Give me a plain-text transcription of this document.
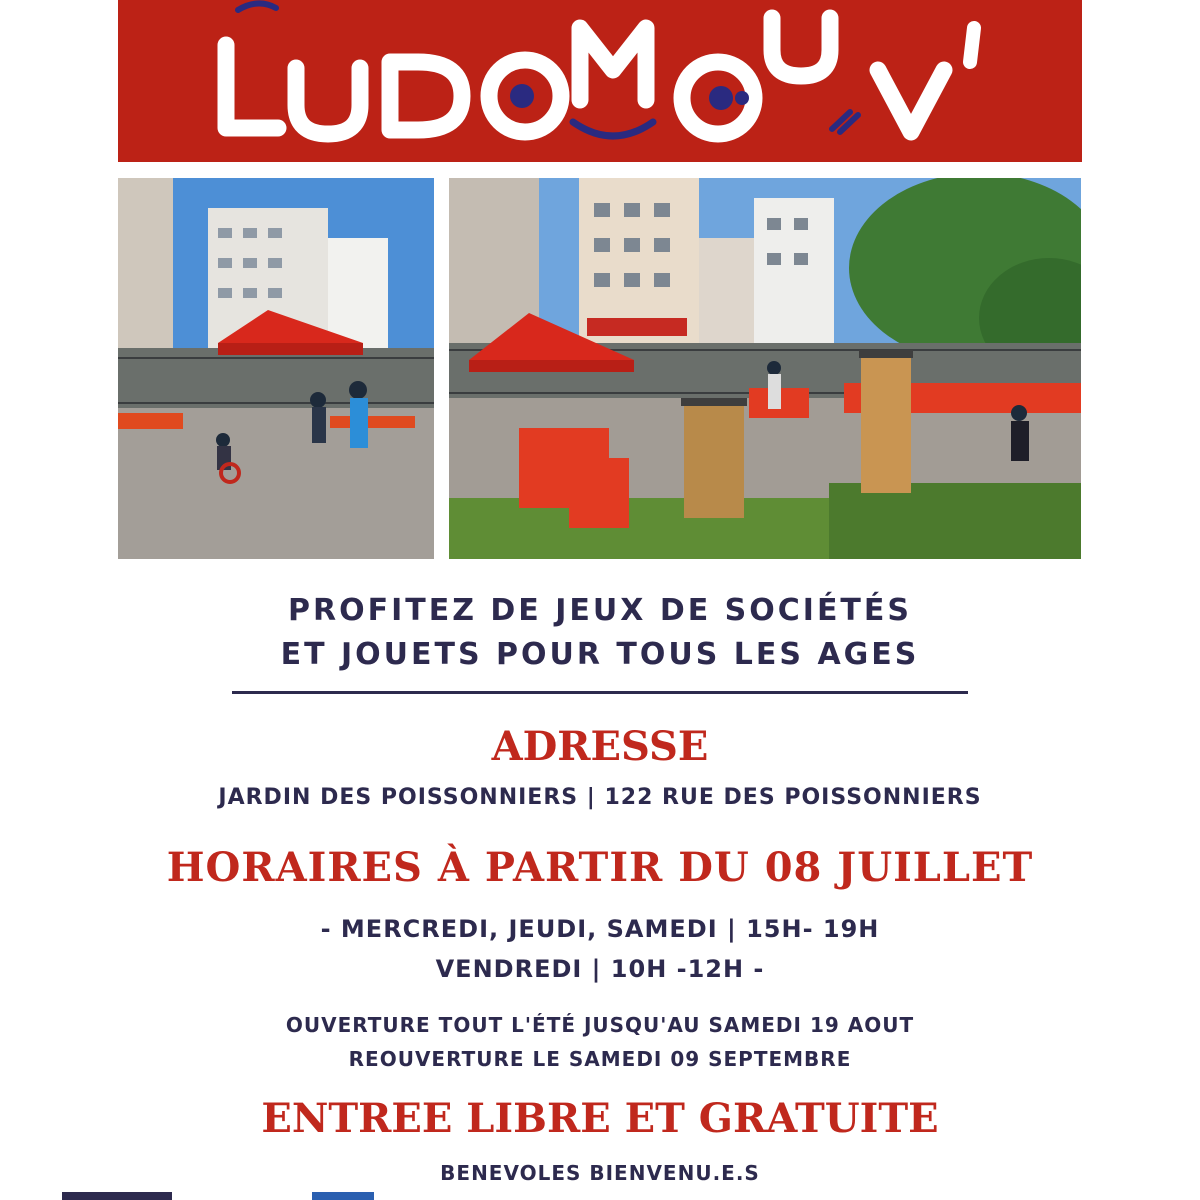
PROFITEZ DE JEUX DE SOCIÉTÉS
ET JOUETS POUR TOUS LES AGES
ADRESSE
JARDIN DES POISSONNIERS | 122 RUE DES POISSONNIERS
HORAIRES À PARTIR DU 08 JUILLET
- MERCREDI, JEUDI, SAMEDI | 15H- 19H
VENDREDI | 10H -12H -
OUVERTURE TOUT L'ÉTÉ JUSQU'AU SAMEDI 19 AOUT
REOUVERTURE LE SAMEDI 09 SEPTEMBRE
ENTREE LIBRE ET GRATUITE
BENEVOLES BIENVENU.E.S
